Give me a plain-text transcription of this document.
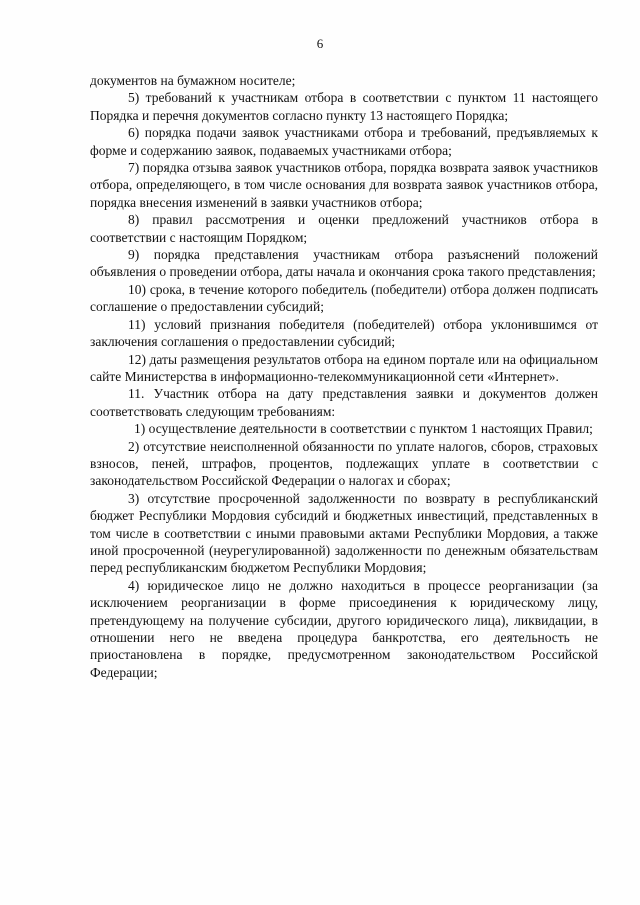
6

документов на бумажном носителе;

5) требований к участникам отбора в соответствии с пунктом 11 настоящего Порядка и перечня документов согласно пункту 13 настоящего Порядка;

6) порядка подачи заявок участниками отбора и требований, предъявляемых к форме и содержанию заявок, подаваемых участниками отбора;

7) порядка отзыва заявок участников отбора, порядка возврата заявок участников отбора, определяющего, в том числе основания для возврата заявок участников отбора, порядка внесения изменений в заявки участников отбора;

8) правил рассмотрения и оценки предложений участников отбора в соответствии с настоящим Порядком;

9) порядка представления участникам отбора разъяснений положений объявления о проведении отбора, даты начала и окончания срока такого представления;

10) срока, в течение которого победитель (победители) отбора должен подписать соглашение о предоставлении субсидий;

11) условий признания победителя (победителей) отбора уклонившимся от заключения соглашения о предоставлении субсидий;

12) даты размещения результатов отбора на едином портале или на официальном сайте Министерства в информационно-телекоммуникационной сети «Интернет».

11. Участник отбора на дату представления заявки и документов должен соответствовать следующим требованиям:

1) осуществление деятельности в соответствии с пунктом 1 настоящих Правил;

2) отсутствие неисполненной обязанности по уплате налогов, сборов, страховых взносов, пеней, штрафов, процентов, подлежащих уплате в соответствии с законодательством Российской Федерации о налогах и сборах;

3) отсутствие просроченной задолженности по возврату в республиканский бюджет Республики Мордовия субсидий и бюджетных инвестиций, представленных в том числе в соответствии с иными правовыми актами Республики Мордовия, а также иной просроченной (неурегулированной) задолженности по денежным обязательствам перед республиканским бюджетом Республики Мордовия;

4) юридическое лицо не должно находиться в процессе реорганизации (за исключением реорганизации в форме присоединения к юридическому лицу, претендующему на получение субсидии, другого юридического лица), ликвидации, в отношении него не введена процедура банкротства, его деятельность не приостановлена в порядке, предусмотренном законодательством Российской Федерации;
